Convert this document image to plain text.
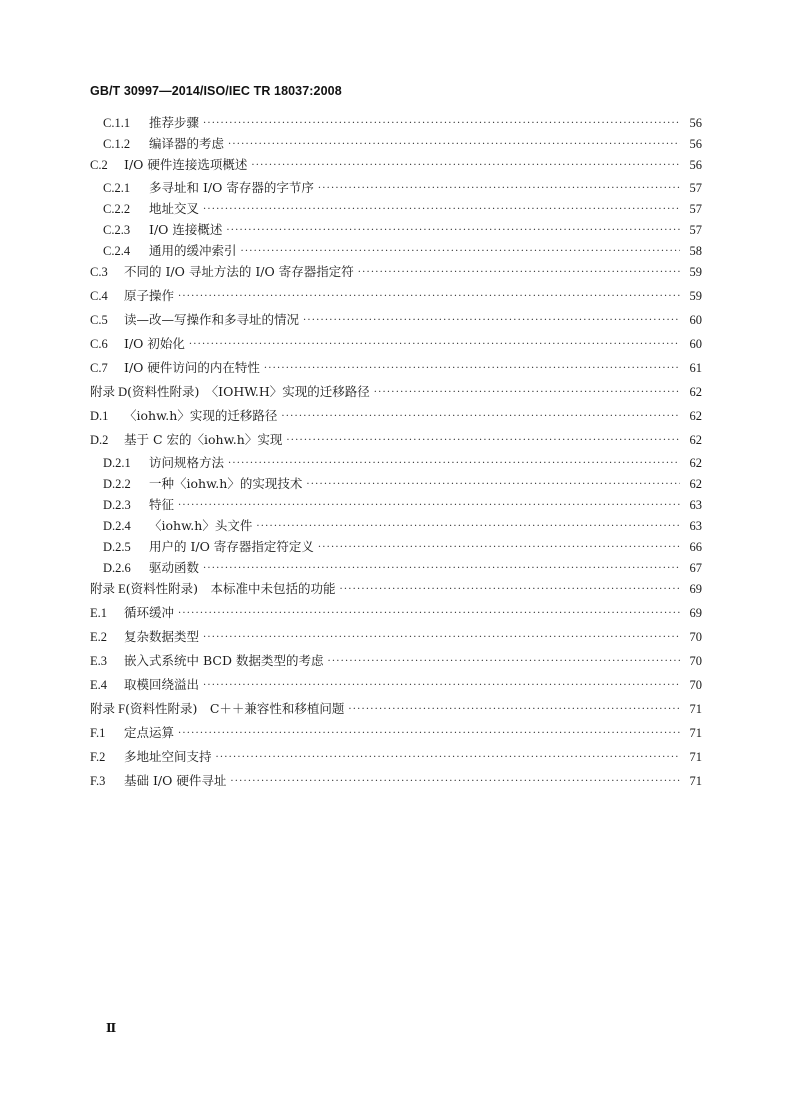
GB/T 30997—2014/ISO/IEC TR 18037:2008
C.1.1	推荐步骤 ·····	56
C.1.2	编译器的考虑 ·····	56
C.2	I/O 硬件连接选项概述 ·····	56
C.2.1	多寻址和 I/O 寄存器的字节序 ·····	57
C.2.2	地址交叉 ·····	57
C.2.3	I/O 连接概述 ·····	57
C.2.4	通用的缓冲索引 ·····	58
C.3	不同的 I/O 寻址方法的 I/O 寄存器指定符 ·····	59
C.4	原子操作 ·····	59
C.5	读—改—写操作和多寻址的情况 ·····	60
C.6	I/O 初始化 ·····	60
C.7	I/O 硬件访问的内在特性 ·····	61
附录 D (资料性附录)　〈IOHW.H〉实现的迁移路径 ·····	62
D.1	〈iohw.h〉实现的迁移路径 ·····	62
D.2	基于 C 宏的〈iohw.h〉实现 ·····	62
D.2.1	访问规格方法 ·····	62
D.2.2	一种〈iohw.h〉的实现技术 ·····	62
D.2.3	特征 ·····	63
D.2.4	〈iohw.h〉头文件 ·····	63
D.2.5	用户的 I/O 寄存器指定符定义 ·····	66
D.2.6	驱动函数 ·····	67
附录 E (资料性附录)　本标准中未包括的功能 ·····	69
E.1	循环缓冲 ·····	69
E.2	复杂数据类型 ·····	70
E.3	嵌入式系统中 BCD 数据类型的考虑 ·····	70
E.4	取模回绕溢出 ·····	70
附录 F (资料性附录)　C＋＋兼容性和移植问题 ·····	71
F.1	定点运算 ·····	71
F.2	多地址空间支持 ·····	71
F.3	基础 I/O 硬件寻址 ·····	71
Ⅱ
